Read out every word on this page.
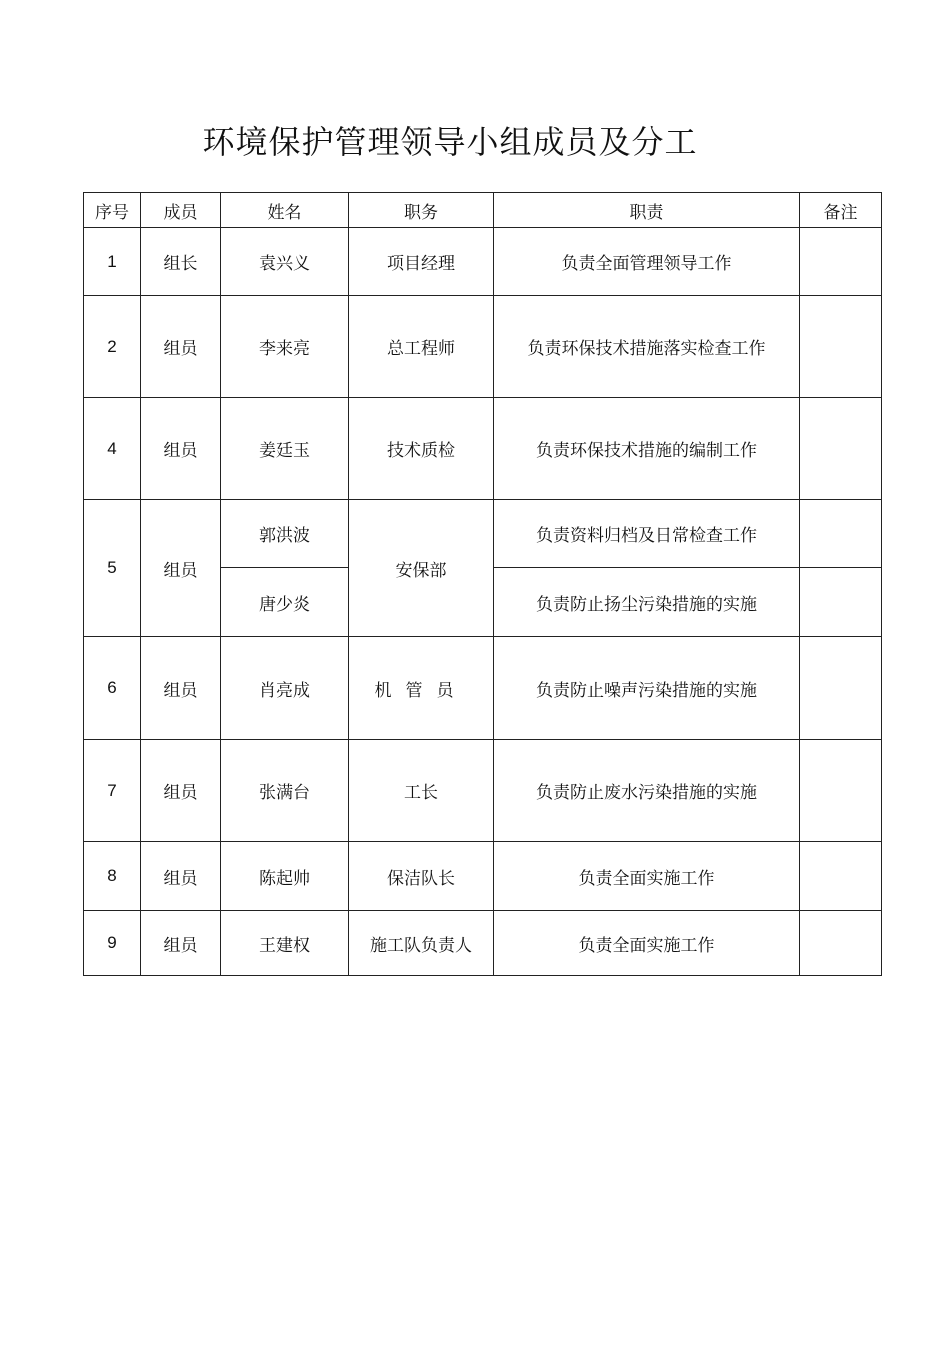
环境保护管理领导小组成员及分工
序号	成员	姓名	职务	职责	备注
1	组长	袁兴义	项目经理	负责全面管理领导工作	
2	组员	李来亮	总工程师	负责环保技术措施落实检查工作	
4	组员	姜廷玉	技术质检	负责环保技术措施的编制工作	
5	组员	郭洪波	安保部	负责资料归档及日常检查工作	
		唐少炎		负责防止扬尘污染措施的实施	
6	组员	肖亮成	机管员	负责防止噪声污染措施的实施	
7	组员	张满台	工长	负责防止废水污染措施的实施	
8	组员	陈起帅	保洁队长	负责全面实施工作	
9	组员	王建权	施工队负责人	负责全面实施工作	
